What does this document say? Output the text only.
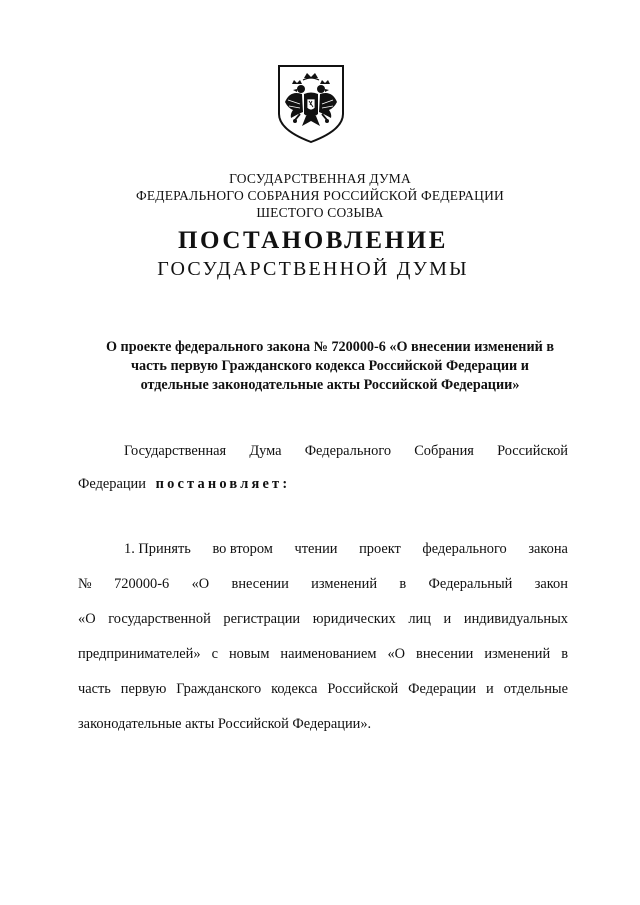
ГОСУДАРСТВЕННАЯ ДУМА
ФЕДЕРАЛЬНОГО СОБРАНИЯ РОССИЙСКОЙ ФЕДЕРАЦИИ
ШЕСТОГО СОЗЫВА
ПОСТАНОВЛЕНИЕ
ГОСУДАРСТВЕННОЙ ДУМЫ
О проекте федерального закона № 720000-6 «О внесении изменений в
часть первую Гражданского кодекса Российской Федерации и
отдельные законодательные акты Российской Федерации»
Государственная Дума Федерального Собрания Российской
Федерации постановляет:
1. Принять во втором чтении проект федерального закона
№ 720000-6 «О внесении изменений в Федеральный закон
«О государственной регистрации юридических лиц и индивидуальных
предпринимателей» с новым наименованием «О внесении изменений в
часть первую Гражданского кодекса Российской Федерации и отдельные
законодательные акты Российской Федерации».
